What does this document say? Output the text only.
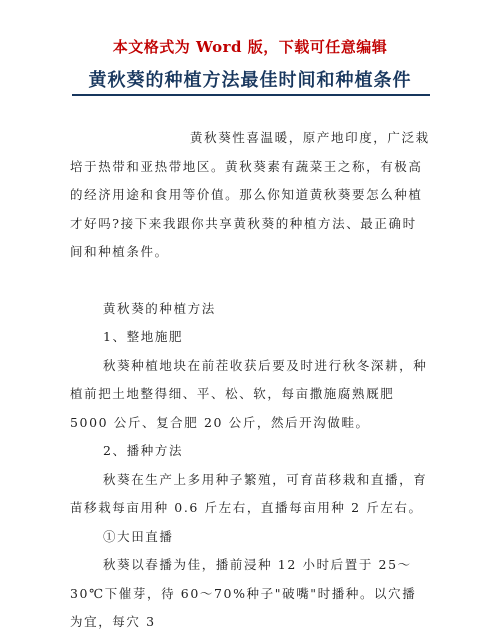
本文格式为 Word 版，下载可任意编辑
黄秋葵的种植方法最佳时间和种植条件

黄秋葵性喜温暖，原产地印度，广泛栽培于热带和亚热带地区。黄秋葵素有蔬菜王之称，有极高的经济用途和食用等价值。那么你知道黄秋葵要怎么种植才好吗?接下来我跟你共享黄秋葵的种植方法、最正确时间和种植条件。

黄秋葵的种植方法

1、整地施肥

秋葵种植地块在前茬收获后要及时进行秋冬深耕，种植前把土地整得细、平、松、软，每亩撒施腐熟厩肥 5000 公斤、复合肥 20 公斤，然后开沟做畦。

2、播种方法

秋葵在生产上多用种子繁殖，可育苗移栽和直播，育苗移栽每亩用种 0.6 斤左右，直播每亩用种 2 斤左右。

①大田直播

秋葵以春播为佳，播前浸种 12 小时后置于 25～30℃下催芽，待 60～70%种子"破嘴"时播种。以穴播为宜，每穴 3
